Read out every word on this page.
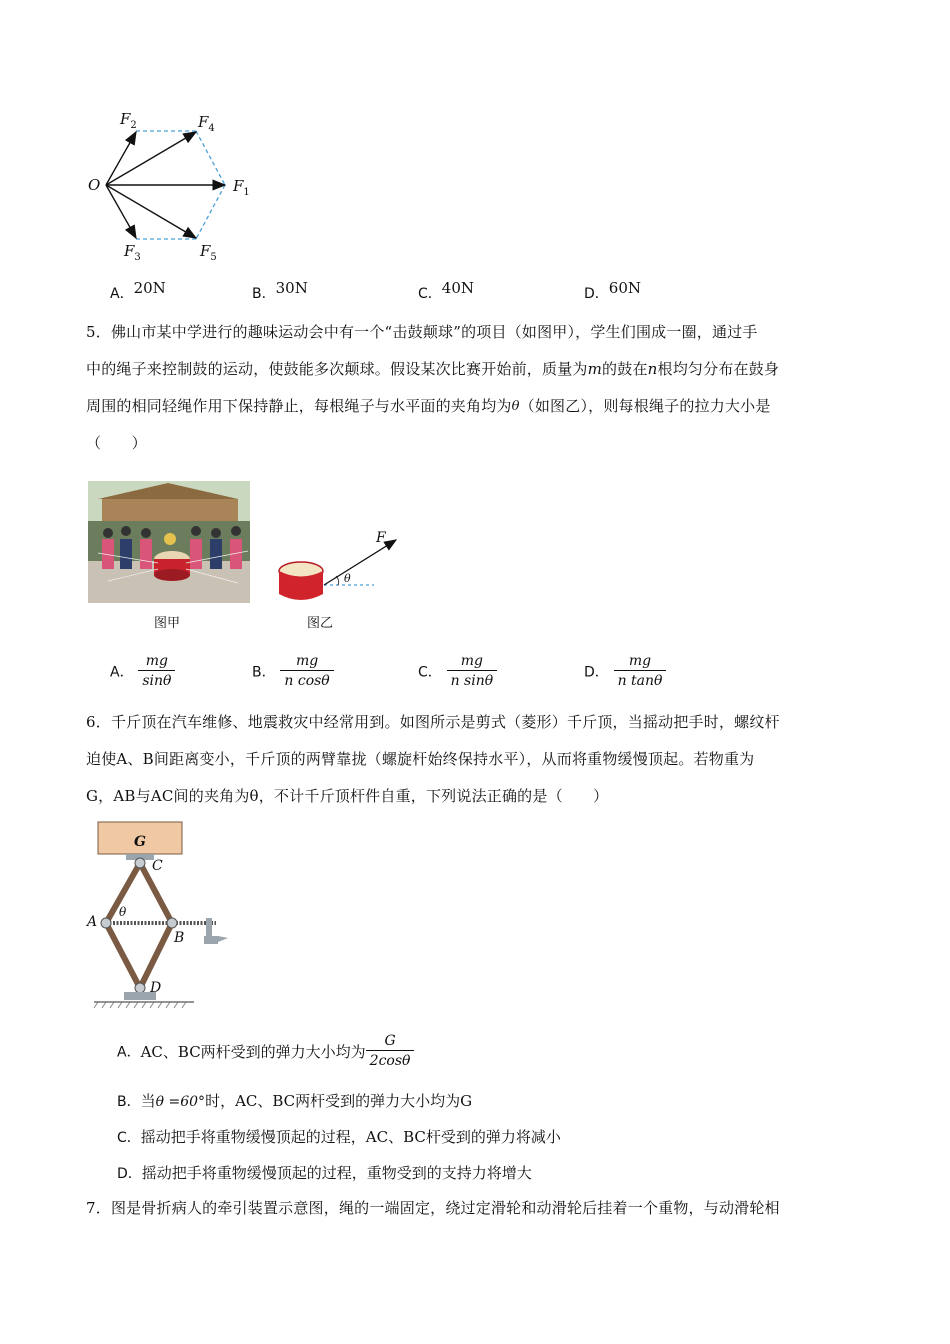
O
$F_2$	$F_4$
$F_1$
$F_3$	$F_5$
A．20N	B．30N	C．40N	D．60N
5．佛山市某中学进行的趣味运动会中有一个“击鼓颠球”的项目（如图甲），学生们围成一圈，通过手
中的绳子来控制鼓的运动，使鼓能多次颠球。假设某次比赛开始前，质量为m的鼓在n根均匀分布在鼓身
周围的相同轻绳作用下保持静止，每根绳子与水平面的夹角均为θ（如图乙），则每根绳子的拉力大小是
（　　）
图甲
F
θ
图乙
A． $\frac{mg}{\sin\theta}$	B． $\frac{mg}{\text{n cosθ}}$	C． $\frac{mg}{\text{n sinθ}}$	D． $\frac{mg}{\text{n tanθ}}$
6．千斤顶在汽车维修、地震救灾中经常用到。如图所示是剪式（菱形）千斤顶，当摇动把手时，螺纹杆
迫使A、B间距离变小，千斤顶的两臂靠拢（螺旋杆始终保持水平），从而将重物缓慢顶起。若物重为
G，AB与AC间的夹角为θ，不计千斤顶杆件自重，下列说法正确的是（　　）
G
C
A
θ
B
D
A．AC、BC两杆受到的弹力大小均为 $\frac{G}{2\cos\theta}$
B．当θ =60°时，AC、BC两杆受到的弹力大小均为G
C．摇动把手将重物缓慢顶起的过程，AC、BC杆受到的弹力将减小
D．摇动把手将重物缓慢顶起的过程，重物受到的支持力将增大
7．图是骨折病人的牵引装置示意图，绳的一端固定，绕过定滑轮和动滑轮后挂着一个重物，与动滑轮相
